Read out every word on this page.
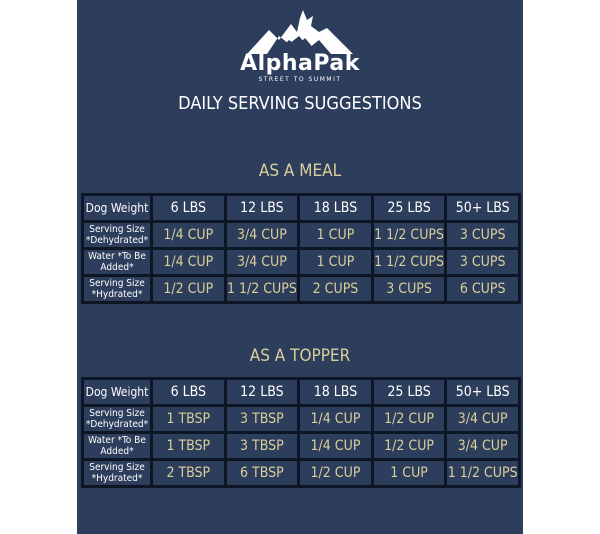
AlphaPak
STREET TO SUMMIT
DAILY SERVING SUGGESTIONS
AS A MEAL
Dog Weight	6 LBS	12 LBS	18 LBS	25 LBS	50+ LBS
Serving Size
*Dehydrated*	1/4 CUP	3/4 CUP	1 CUP	1 1/2 CUPS	3 CUPS
Water *To Be
Added*	1/4 CUP	3/4 CUP	1 CUP	1 1/2 CUPS	3 CUPS
Serving Size
*Hydrated*	1/2 CUP	1 1/2 CUPS	2 CUPS	3 CUPS	6 CUPS
AS A TOPPER
Dog Weight	6 LBS	12 LBS	18 LBS	25 LBS	50+ LBS
Serving Size
*Dehydrated*	1 TBSP	3 TBSP	1/4 CUP	1/2 CUP	3/4 CUP
Water *To Be
Added*	1 TBSP	3 TBSP	1/4 CUP	1/2 CUP	3/4 CUP
Serving Size
*Hydrated*	2 TBSP	6 TBSP	1/2 CUP	1 CUP	1 1/2 CUPS
